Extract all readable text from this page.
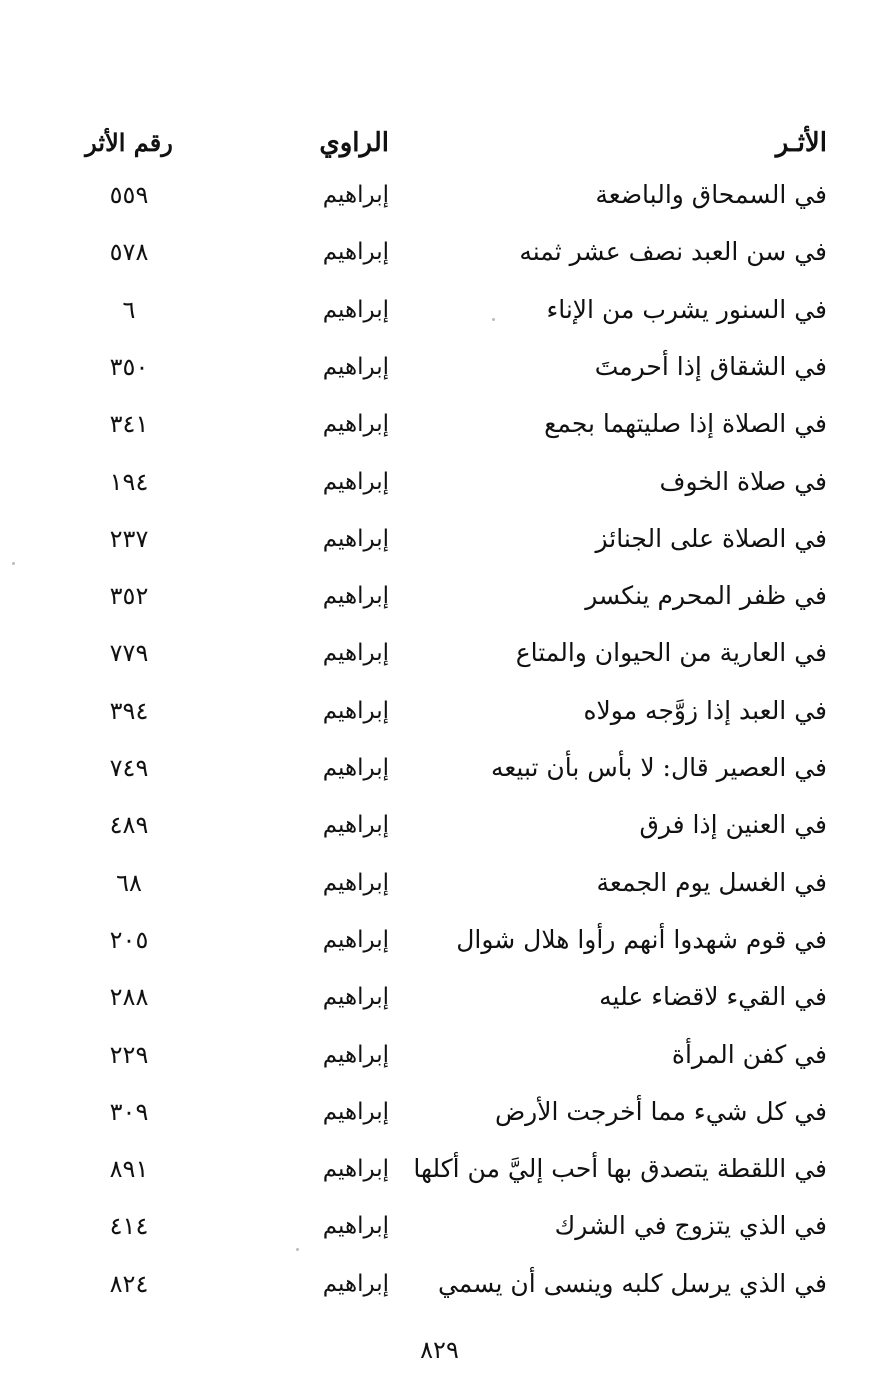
الأثـر
الراوي
رقم الأثر
في السمحاق والباضعة
إبراهيم
٥٥٩
في سن العبد نصف عشر ثمنه
إبراهيم
٥٧٨
في السنور يشرب من الإناء
إبراهيم
٦
في الشقاق إذا أحرمتَ
إبراهيم
٣٥٠
في الصلاة إذا صليتهما بجمع
إبراهيم
٣٤١
في صلاة الخوف
إبراهيم
١٩٤
في الصلاة على الجنائز
إبراهيم
٢٣٧
في ظفر المحرم ينكسر
إبراهيم
٣٥٢
في العارية من الحيوان والمتاع
إبراهيم
٧٧٩
في العبد إذا زوَّجه مولاه
إبراهيم
٣٩٤
في العصير قال: لا بأس بأن تبيعه
إبراهيم
٧٤٩
في العنين إذا فرق
إبراهيم
٤٨٩
في الغسل يوم الجمعة
إبراهيم
٦٨
في قوم شهدوا أنهم رأوا هلال شوال
إبراهيم
٢٠٥
في القيء لاقضاء عليه
إبراهيم
٢٨٨
في كفن المرأة
إبراهيم
٢٢٩
في كل شيء مما أخرجت الأرض
إبراهيم
٣٠٩
في اللقطة يتصدق بها أحب إليَّ من أكلها
إبراهيم
٨٩١
في الذي يتزوج في الشرك
إبراهيم
٤١٤
في الذي يرسل كلبه وينسى أن يسمي
إبراهيم
٨٢٤
٨٢٩
